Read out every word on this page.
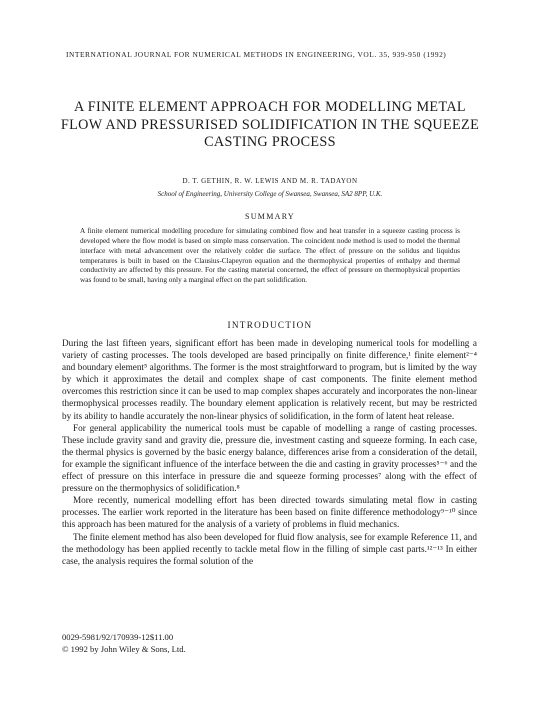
INTERNATIONAL JOURNAL FOR NUMERICAL METHODS IN ENGINEERING, VOL. 35, 939-950 (1992)
A FINITE ELEMENT APPROACH FOR MODELLING METAL FLOW AND PRESSURISED SOLIDIFICATION IN THE SQUEEZE CASTING PROCESS
D. T. GETHIN, R. W. LEWIS AND M. R. TADAYON
School of Engineering, University College of Swansea, Swansea, SA2 8PP, U.K.
SUMMARY
A finite element numerical modelling procedure for simulating combined flow and heat transfer in a squeeze casting process is developed where the flow model is based on simple mass conservation. The coincident node method is used to model the thermal interface with metal advancement over the relatively colder die surface. The effect of pressure on the solidus and liquidus temperatures is built in based on the Clausius-Clapeyron equation and the thermophysical properties of enthalpy and thermal conductivity are affected by this pressure. For the casting material concerned, the effect of pressure on thermophysical properties was found to be small, having only a marginal effect on the part solidification.
INTRODUCTION

During the last fifteen years, significant effort has been made in developing numerical tools for modelling a variety of casting processes. The tools developed are based principally on finite difference,¹ finite element²⁻⁴ and boundary element⁵ algorithms. The former is the most straightforward to program, but is limited by the way by which it approximates the detail and complex shape of cast components. The finite element method overcomes this restriction since it can be used to map complex shapes accurately and incorporates the non-linear thermophysical processes readily. The boundary element application is relatively recent, but may be restricted by its ability to handle accurately the non-linear physics of solidification, in the form of latent heat release.

For general applicability the numerical tools must be capable of modelling a range of casting processes. These include gravity sand and gravity die, pressure die, investment casting and squeeze forming. In each case, the thermal physics is governed by the basic energy balance, differences arise from a consideration of the detail, for example the significant influence of the interface between the die and casting in gravity processes⁵⁻⁶ and the effect of pressure on this interface in pressure die and squeeze forming processes⁷ along with the effect of pressure on the thermophysics of solidification.⁸

More recently, numerical modelling effort has been directed towards simulating metal flow in casting processes. The earlier work reported in the literature has been based on finite difference methodology⁹⁻¹⁰ since this approach has been matured for the analysis of a variety of problems in fluid mechanics.

The finite element method has also been developed for fluid flow analysis, see for example Reference 11, and the methodology has been applied recently to tackle metal flow in the filling of simple cast parts.¹²⁻¹³ In either case, the analysis requires the formal solution of the

0029-5981/92/170939-12$11.00
© 1992 by John Wiley & Sons, Ltd.
